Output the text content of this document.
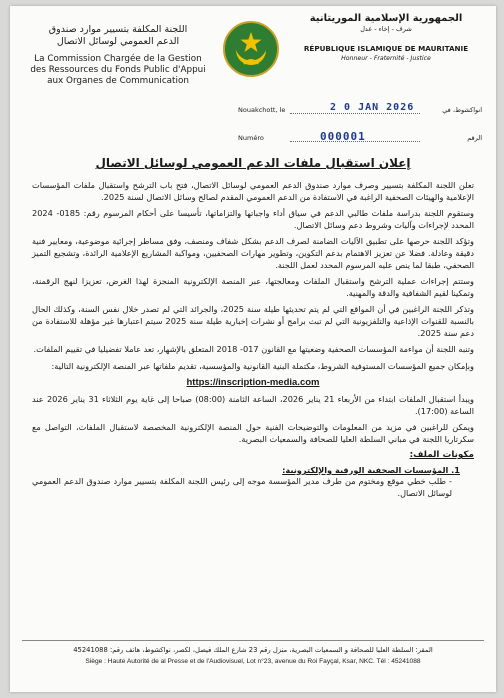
اللجنة المكلفة بتسيير موارد صندوق
الدعم العمومي لوسائل الاتصال
La Commission Chargée de la Gestion des Ressources du Fonds Public d'Appui aux Organes de Communication
الجمهورية الإسلامية الموريتانية
شرف - إخاء - عدل
RÉPUBLIQUE ISLAMIQUE DE MAURITANIE
Honneur - Fraternité - Justice
Nouakchott, le	2 0 JAN 2026	انواكشوط، في
Numéro	000001	الرقم
إعلان استقبال ملفات الدعم العمومي لوسائل الاتصال

تعلن اللجنة المكلفة بتسيير وصرف موارد صندوق الدعم العمومي لوسائل الاتصال، فتح باب الترشح واستقبال ملفات المؤسسات الإعلامية والهيئات الصحفية الراغبة في الاستفادة من الدعم العمومي المقدم لصالح وسائل الاتصال لسنة 2025.

وستقوم اللجنة بدراسة ملفات طالبي الدعم في سياق أداء واجباتها والتزاماتها، تأسيسا على أحكام المرسوم رقم: 0185- 2024 المحدد لإجراءات وآليات وشروط دعم وسائل الاتصال.

وتؤكد اللجنة حرصها على تطبيق الآليات الضامنة لصرف الدعم بشكل شفاف ومنصف، وفق مساطر إجرائية موضوعية، ومعايير فنية دقيقة وعادلة. فضلا عن تعزيز الاهتمام بدعم التكوين، وتطوير مهارات الصحفيين، ومواكبة المشاريع الإعلامية الرائدة، وتشجيع التميز الصحفي، طبقا لما ينص عليه المرسوم المحدد لعمل اللجنة.

وستتم إجراءات عملية الترشح واستقبال الملفات ومعالجتها، عبر المنصة الإلكترونية المنجزة لهذا الغرض، تعزيزا لنهج الرقمنة، وتمكينا لقيم الشفافية والدقة والمهنية.

وتذكر اللجنة الراغبين في أن المواقع التي لم يتم تحديثها طيلة سنة 2025، والجرائد التي لم تصدر خلال نفس السنة، وكذلك الحال بالنسبة للقنوات الإذاعية والتلفزيونية التي لم تبث برامج أو نشرات إخبارية طيلة سنة 2025 سيتم اعتبارها غير مؤهلة للاستفادة من دعم سنة 2025.

وتنبه اللجنة أن مواءمة المؤسسات الصحفية وضعيتها مع القانون 017- 2018 المتعلق بالإشهار، تعد عاملا تفضيليا في تقييم الملفات.

وبإمكان جميع المؤسسات المستوفية الشروط، مكتملة البنية القانونية والمؤسسية، تقديم ملفاتها عبر المنصة الإلكترونية التالية:

https://inscription-media.com

ويبدأ استقبال الملفات ابتداء من الأربعاء 21 يناير 2026، الساعة الثامنة (08:00) صباحا إلى غاية يوم الثلاثاء 31 يناير 2026 عند الساعة (17:00).

ويمكن للراغبين في مزيد من المعلومات والتوضيحات الفنية حول المنصة الإلكترونية المخصصة لاستقبال الملفات، التواصل مع سكرتاريا اللجنة في مباني السلطة العليا للصحافة والسمعيات البصرية.

مكونات الملف:
1. المؤسسات الصحفية الورقية والإلكترونية:
- طلب خطي موقع ومختوم من طرف مدير المؤسسة موجه إلى رئيس اللجنة المكلفة بتسيير موارد صندوق الدعم العمومي لوسائل الاتصال.
المقر: السلطة العليا للصحافة و السمعيات البصرية، منزل رقم 23 شارع الملك فيصل، لكصر، نواكشوط، هاتف رقم: 45241088
Siège : Haute Autorité de al Presse et de l'Audiovisuel, Lot n°23, avenue du Roi Fayçal, Ksar, NKC. Tél : 45241088
